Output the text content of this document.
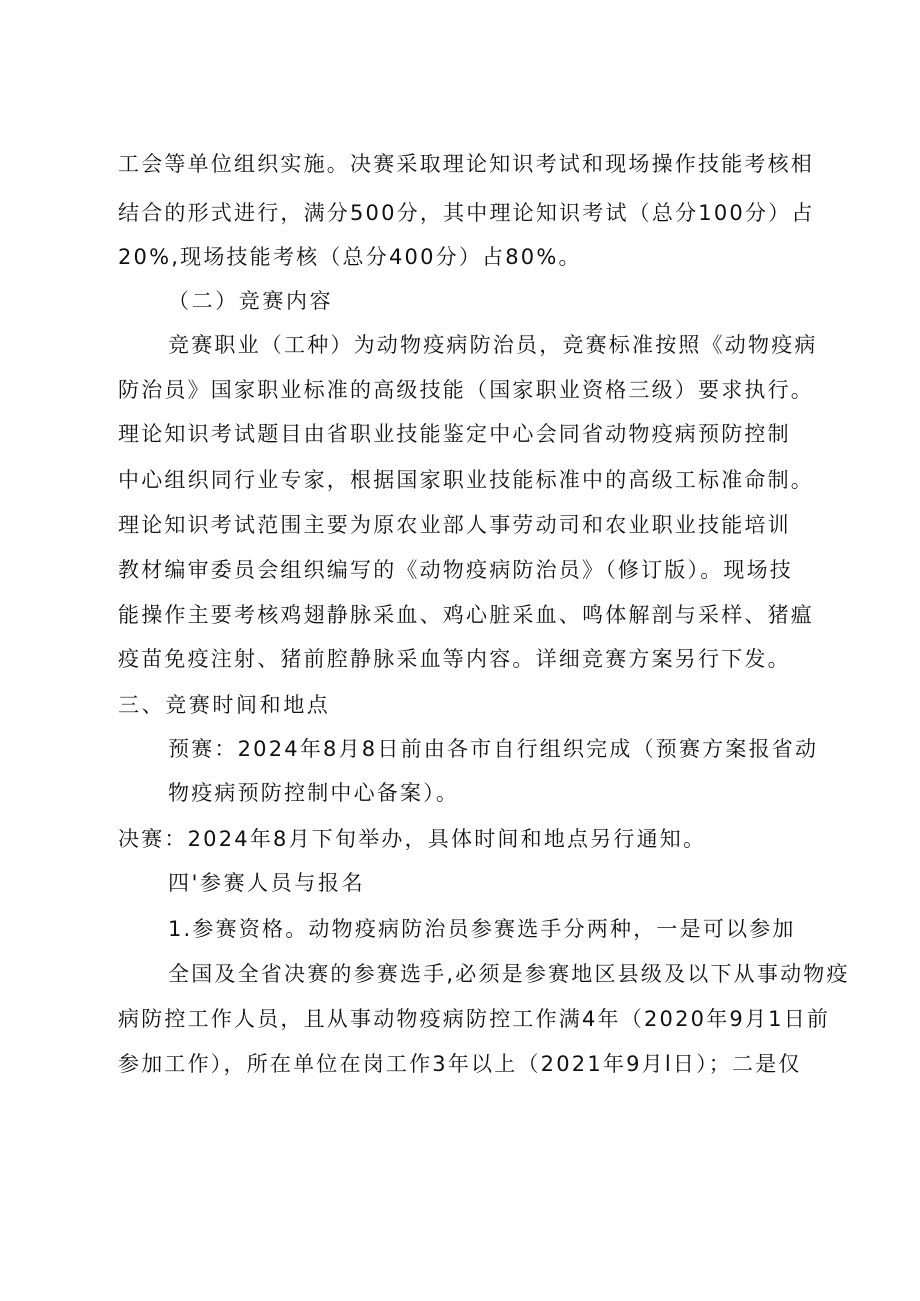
工会等单位组织实施。决赛采取理论知识考试和现场操作技能考核相
结合的形式进行，满分500分，其中理论知识考试（总分100分）占
20%,现场技能考核（总分400分）占80%。
（二）竞赛内容
竞赛职业（工种）为动物疫病防治员，竞赛标准按照《动物疫病
防治员》国家职业标准的高级技能（国家职业资格三级）要求执行。
理论知识考试题目由省职业技能鉴定中心会同省动物疫病预防控制
中心组织同行业专家，根据国家职业技能标准中的高级工标准命制。
理论知识考试范围主要为原农业部人事劳动司和农业职业技能培训
教材编审委员会组织编写的《动物疫病防治员》（修订版）。现场技
能操作主要考核鸡翅静脉采血、鸡心脏采血、鸣体解剖与采样、猪瘟
疫苗免疫注射、猪前腔静脉采血等内容。详细竞赛方案另行下发。
三、竞赛时间和地点
预赛：2024年8月8日前由各市自行组织完成（预赛方案报省动
物疫病预防控制中心备案）。
决赛：2024年8月下旬举办，具体时间和地点另行通知。
四'参赛人员与报名
1.参赛资格。动物疫病防治员参赛选手分两种，一是可以参加
全国及全省决赛的参赛选手,必须是参赛地区县级及以下从事动物疫
病防控工作人员，且从事动物疫病防控工作满4年（2020年9月1日前
参加工作），所在单位在岗工作3年以上（2021年9月l日）；二是仅
